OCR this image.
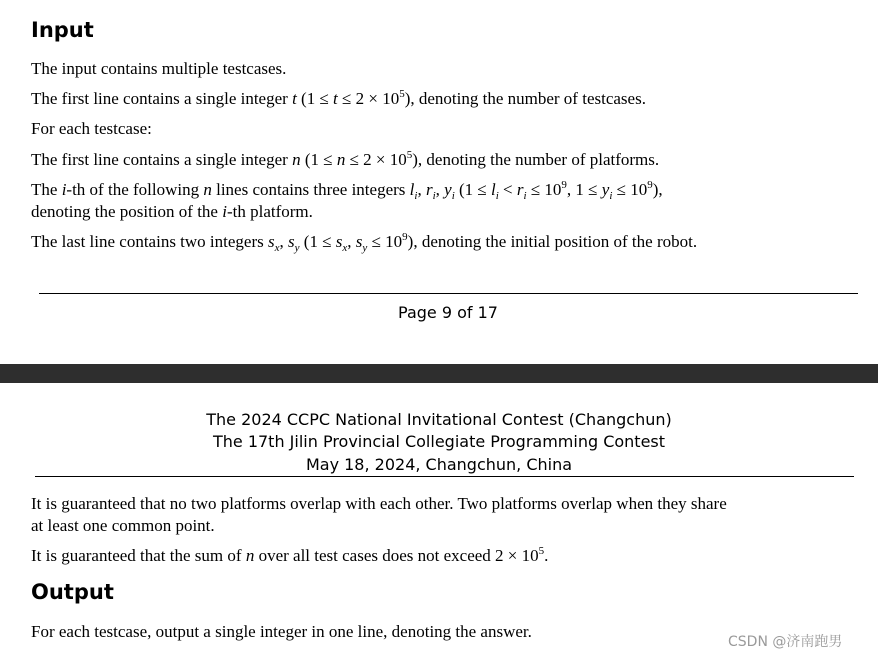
Input
The input contains multiple testcases.
The first line contains a single integer t $(1 \le t \le 2 \times 10^5)$, denoting the number of testcases.
For each testcase:
The first line contains a single integer n $(1 \le n \le 2 \times 10^5)$, denoting the number of platforms.
The i-th of the following n lines contains three integers $l_i$, $r_i$, $y_i$ ($1 \le l_i < r_i \le 10^9$, $1 \le y_i \le 10^9$),
denoting the position of the i-th platform.
The last line contains two integers $s_x$, $s_y$ ($1 \le s_x$, $s_y \le 10^9$), denoting the initial position of the robot.
Page 9 of 17
The 2024 CCPC National Invitational Contest (Changchun)
The 17th Jilin Provincial Collegiate Programming Contest
May 18, 2024, Changchun, China
It is guaranteed that no two platforms overlap with each other. Two platforms overlap when they share
at least one common point.
It is guaranteed that the sum of n over all test cases does not exceed $2 \times 10^5$.
Output
For each testcase, output a single integer in one line, denoting the answer.
CSDN @济南跑男
